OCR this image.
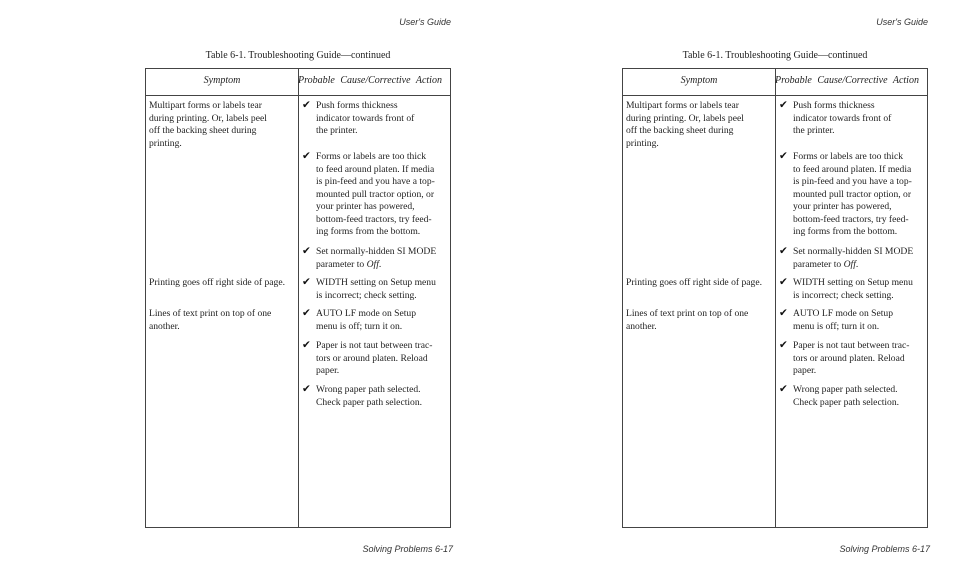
User's Guide
Table 6-1. Troubleshooting Guide—continued
Symptom	Probable Cause/Corrective Action
Multipart forms or labels tear
during printing. Or, labels peel
off the backing sheet during
printing.
Printing goes off right side of page.
Lines of text print on top of one
another.
✔ Push forms thickness
indicator towards front of
the printer.
✔ Forms or labels are too thick
to feed around platen. If media
is pin-feed and you have a top-
mounted pull tractor option, or
your printer has powered,
bottom-feed tractors, try feed-
ing forms from the bottom.
✔ Set normally-hidden SI MODE
parameter to Off.
✔ WIDTH setting on Setup menu
is incorrect; check setting.
✔ AUTO LF mode on Setup
menu is off; turn it on.
✔ Paper is not taut between trac-
tors or around platen. Reload
paper.
✔ Wrong paper path selected.
Check paper path selection.
Solving Problems 6-17
User's Guide
Table 6-1. Troubleshooting Guide—continued
Symptom	Probable Cause/Corrective Action
Multipart forms or labels tear
during printing. Or, labels peel
off the backing sheet during
printing.
Printing goes off right side of page.
Lines of text print on top of one
another.
✔ Push forms thickness
indicator towards front of
the printer.
✔ Forms or labels are too thick
to feed around platen. If media
is pin-feed and you have a top-
mounted pull tractor option, or
your printer has powered,
bottom-feed tractors, try feed-
ing forms from the bottom.
✔ Set normally-hidden SI MODE
parameter to Off.
✔ WIDTH setting on Setup menu
is incorrect; check setting.
✔ AUTO LF mode on Setup
menu is off; turn it on.
✔ Paper is not taut between trac-
tors or around platen. Reload
paper.
✔ Wrong paper path selected.
Check paper path selection.
Solving Problems 6-17
